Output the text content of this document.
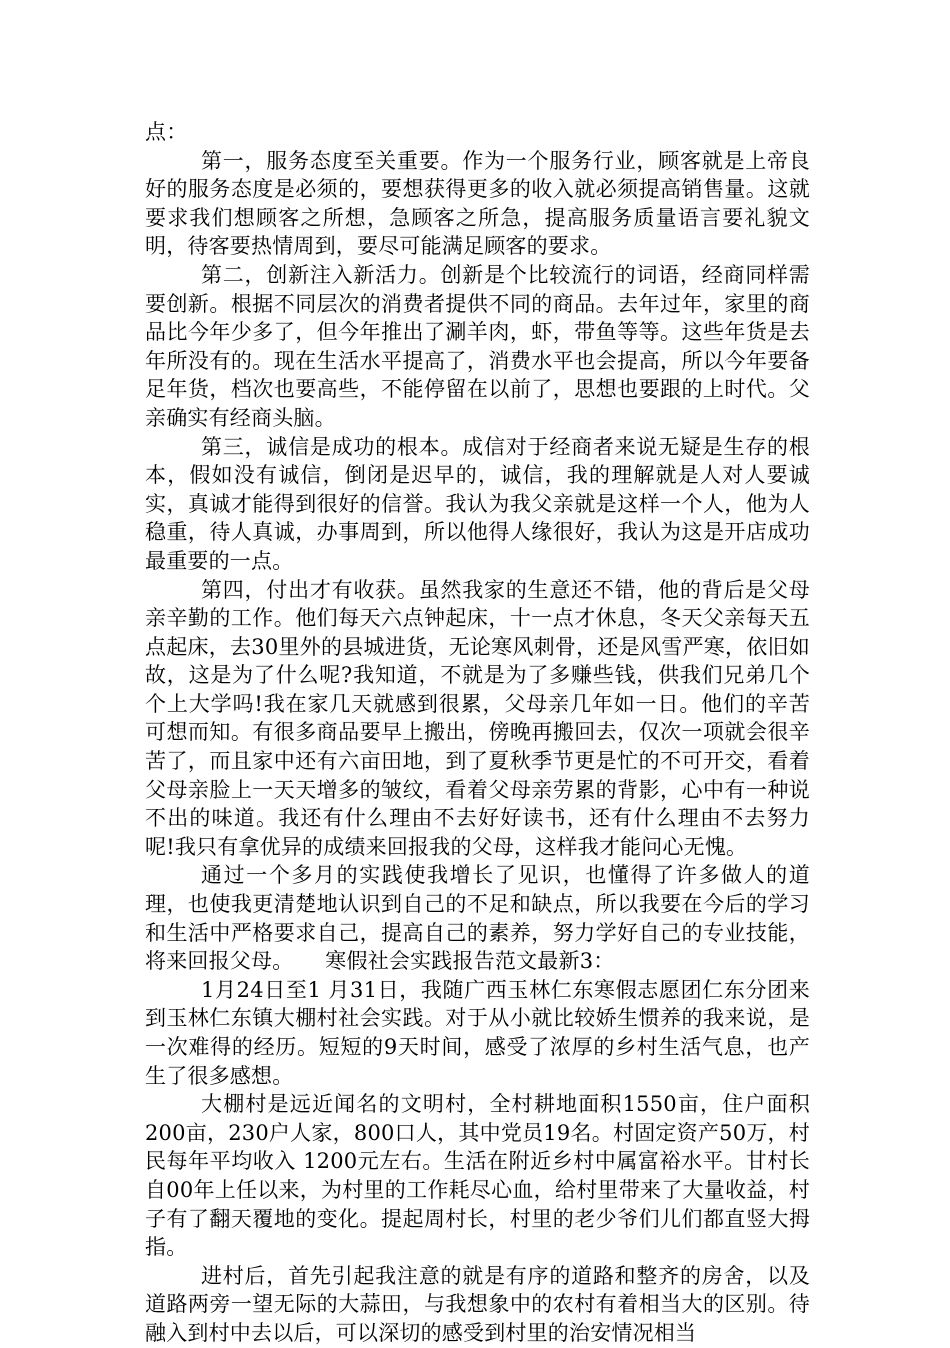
点：

第一，服务态度至关重要。作为一个服务行业，顾客就是上帝良好的服务态度是必须的，要想获得更多的收入就必须提高销售量。这就要求我们想顾客之所想，急顾客之所急，提高服务质量语言要礼貌文明，待客要热情周到，要尽可能满足顾客的要求。

第二，创新注入新活力。创新是个比较流行的词语，经商同样需要创新。根据不同层次的消费者提供不同的商品。去年过年，家里的商品比今年少多了，但今年推出了涮羊肉，虾，带鱼等等。这些年货是去年所没有的。现在生活水平提高了，消费水平也会提高，所以今年要备足年货，档次也要高些，不能停留在以前了，思想也要跟的上时代。父亲确实有经商头脑。

第三，诚信是成功的根本。成信对于经商者来说无疑是生存的根本，假如没有诚信，倒闭是迟早的，诚信，我的理解就是人对人要诚实，真诚才能得到很好的信誉。我认为我父亲就是这样一个人，他为人稳重，待人真诚，办事周到，所以他得人缘很好，我认为这是开店成功最重要的一点。

第四，付出才有收获。虽然我家的生意还不错，他的背后是父母亲辛勤的工作。他们每天六点钟起床，十一点才休息，冬天父亲每天五点起床，去30里外的县城进货，无论寒风刺骨，还是风雪严寒，依旧如故，这是为了什么呢?我知道，不就是为了多赚些钱，供我们兄弟几个个上大学吗!我在家几天就感到很累，父母亲几年如一日。他们的辛苦可想而知。有很多商品要早上搬出，傍晚再搬回去，仅次一项就会很辛苦了，而且家中还有六亩田地，到了夏秋季节更是忙的不可开交，看着父母亲脸上一天天增多的皱纹，看着父母亲劳累的背影，心中有一种说不出的味道。我还有什么理由不去好好读书，还有什么理由不去努力呢!我只有拿优异的成绩来回报我的父母，这样我才能问心无愧。

通过一个多月的实践使我增长了见识，也懂得了许多做人的道理，也使我更清楚地认识到自己的不足和缺点，所以我要在今后的学习和生活中严格要求自己，提高自己的素养，努力学好自己的专业技能，将来回报父母。　　寒假社会实践报告范文最新3：

1月24日至1 月31日，我随广西玉林仁东寒假志愿团仁东分团来到玉林仁东镇大棚村社会实践。对于从小就比较娇生惯养的我来说，是一次难得的经历。短短的9天时间，感受了浓厚的乡村生活气息，也产生了很多感想。

大棚村是远近闻名的文明村，全村耕地面积1550亩，住户面积200亩，230户人家，800口人，其中党员19名。村固定资产50万，村民每年平均收入 1200元左右。生活在附近乡村中属富裕水平。甘村长自00年上任以来，为村里的工作耗尽心血，给村里带来了大量收益，村子有了翻天覆地的变化。提起周村长，村里的老少爷们儿们都直竖大拇指。

进村后，首先引起我注意的就是有序的道路和整齐的房舍，以及道路两旁一望无际的大蒜田，与我想象中的农村有着相当大的区别。待融入到村中去以后，可以深切的感受到村里的治安情况相当
